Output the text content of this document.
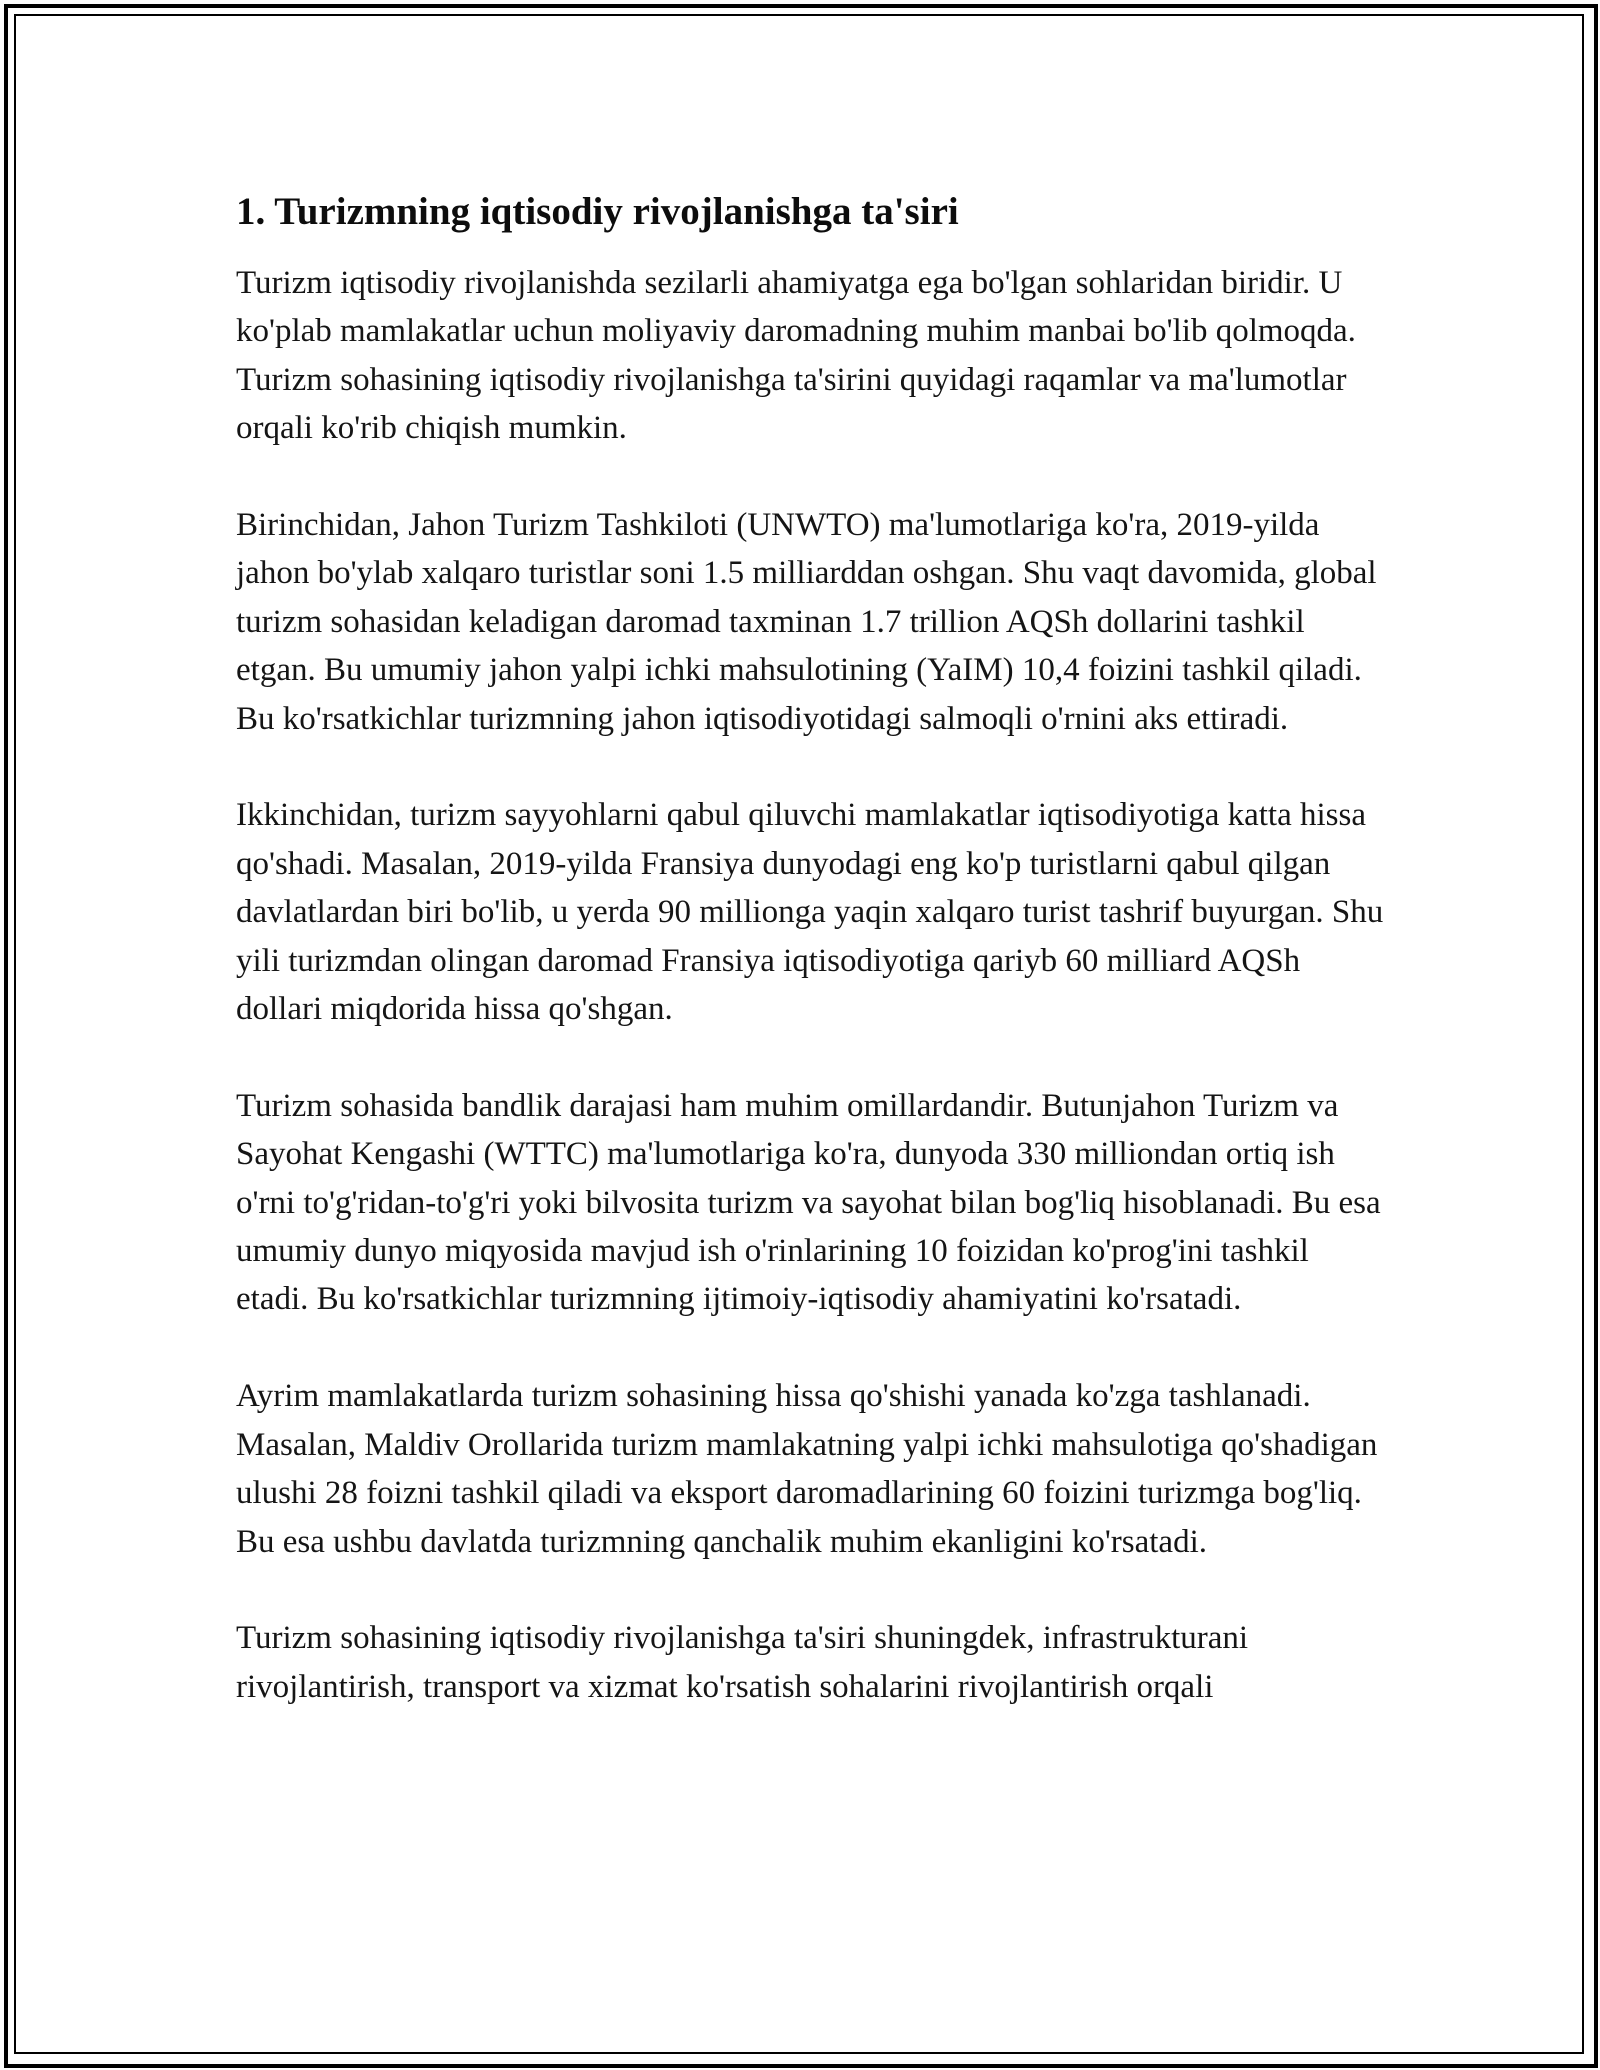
1. Turizmning iqtisodiy rivojlanishga ta'siri

Turizm iqtisodiy rivojlanishda sezilarli ahamiyatga ega bo'lgan sohlaridan biridir. U ko'plab mamlakatlar uchun moliyaviy daromadning muhim manbai bo'lib qolmoqda. Turizm sohasining iqtisodiy rivojlanishga ta'sirini quyidagi raqamlar va ma'lumotlar orqali ko'rib chiqish mumkin.

Birinchidan, Jahon Turizm Tashkiloti (UNWTO) ma'lumotlariga ko'ra, 2019-yilda jahon bo'ylab xalqaro turistlar soni 1.5 milliarddan oshgan. Shu vaqt davomida, global turizm sohasidan keladigan daromad taxminan 1.7 trillion AQSh dollarini tashkil etgan. Bu umumiy jahon yalpi ichki mahsulotining (YaIM) 10,4 foizini tashkil qiladi. Bu ko'rsatkichlar turizmning jahon iqtisodiyotidagi salmoqli o'rnini aks ettiradi.

Ikkinchidan, turizm sayyohlarni qabul qiluvchi mamlakatlar iqtisodiyotiga katta hissa qo'shadi. Masalan, 2019-yilda Fransiya dunyodagi eng ko'p turistlarni qabul qilgan davlatlardan biri bo'lib, u yerda 90 millionga yaqin xalqaro turist tashrif buyurgan. Shu yili turizmdan olingan daromad Fransiya iqtisodiyotiga qariyb 60 milliard AQSh dollari miqdorida hissa qo'shgan.

Turizm sohasida bandlik darajasi ham muhim omillardandir. Butunjahon Turizm va Sayohat Kengashi (WTTC) ma'lumotlariga ko'ra, dunyoda 330 milliondan ortiq ish o'rni to'g'ridan-to'g'ri yoki bilvosita turizm va sayohat bilan bog'liq hisoblanadi. Bu esa umumiy dunyo miqyosida mavjud ish o'rinlarining 10 foizidan ko'prog'ini tashkil etadi. Bu ko'rsatkichlar turizmning ijtimoiy-iqtisodiy ahamiyatini ko'rsatadi.

Ayrim mamlakatlarda turizm sohasining hissa qo'shishi yanada ko'zga tashlanadi. Masalan, Maldiv Orollarida turizm mamlakatning yalpi ichki mahsulotiga qo'shadigan ulushi 28 foizni tashkil qiladi va eksport daromadlarining 60 foizini turizmga bog'liq. Bu esa ushbu davlatda turizmning qanchalik muhim ekanligini ko'rsatadi.

Turizm sohasining iqtisodiy rivojlanishga ta'siri shuningdek, infrastrukturani rivojlantirish, transport va xizmat ko'rsatish sohalarini rivojlantirish orqali
